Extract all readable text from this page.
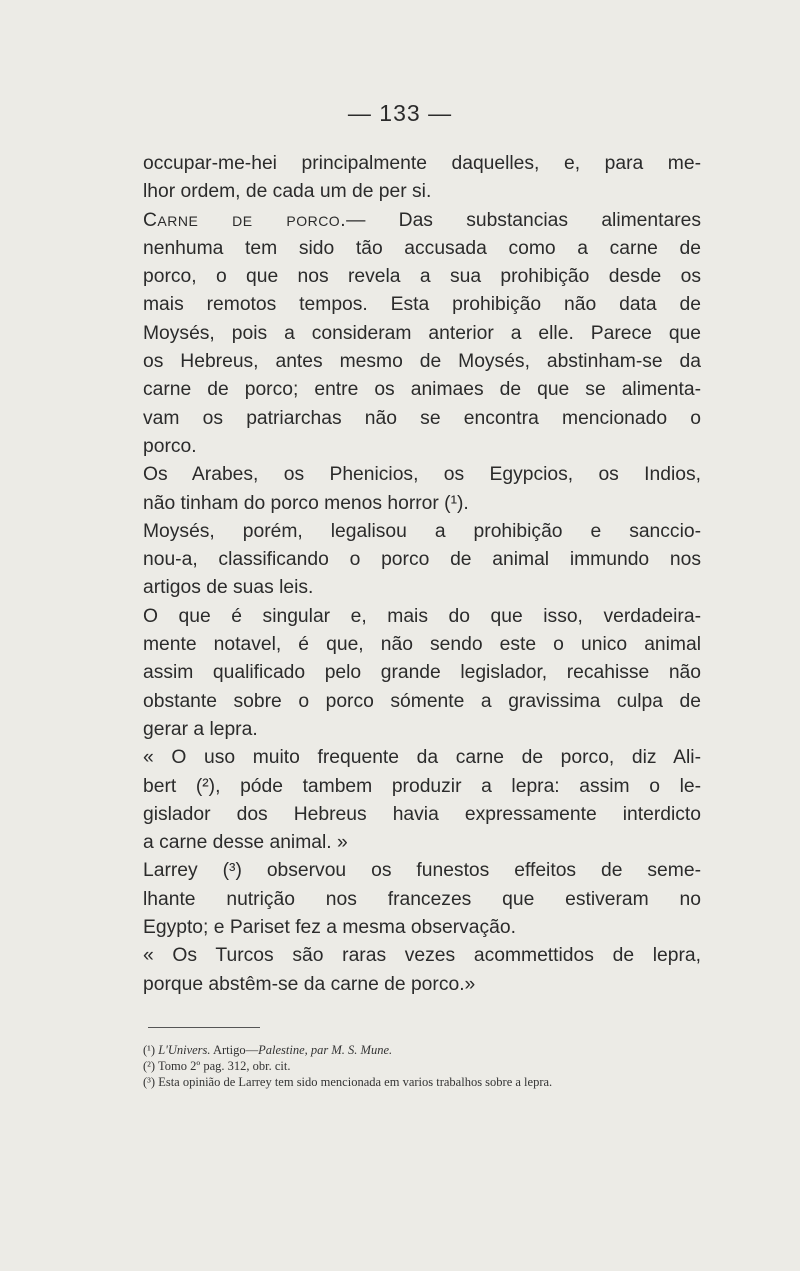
— 133 —
occupar-me-hei principalmente daquelles, e, para me-
lhor ordem, de cada um de per si.
Carne de porco.— Das substancias alimentares
nenhuma tem sido tão accusada como a carne de
porco, o que nos revela a sua prohibição desde os
mais remotos tempos. Esta prohibição não data de
Moysés, pois a consideram anterior a elle. Parece que
os Hebreus, antes mesmo de Moysés, abstinham-se da
carne de porco; entre os animaes de que se alimenta-
vam os patriarchas não se encontra mencionado o
porco.
Os Arabes, os Phenicios, os Egypcios, os Indios,
não tinham do porco menos horror (¹).
Moysés, porém, legalisou a prohibição e sanccio-
nou-a, classificando o porco de animal immundo nos
artigos de suas leis.
O que é singular e, mais do que isso, verdadeira-
mente notavel, é que, não sendo este o unico animal
assim qualificado pelo grande legislador, recahisse não
obstante sobre o porco sómente a gravissima culpa de
gerar a lepra.
« O uso muito frequente da carne de porco, diz Ali-
bert (²), póde tambem produzir a lepra: assim o le-
gislador dos Hebreus havia expressamente interdicto
a carne desse animal. »
Larrey (³) observou os funestos effeitos de seme-
lhante nutrição nos francezes que estiveram no
Egypto; e Pariset fez a mesma observação.
« Os Turcos são raras vezes acommettidos de lepra,
porque abstêm-se da carne de porco.»
(¹) L'Univers. Artigo—Palestine, par M. S. Mune.
(²) Tomo 2º pag. 312, obr. cit.
(³) Esta opinião de Larrey tem sido mencionada em varios trabalhos sobre a lepra.
